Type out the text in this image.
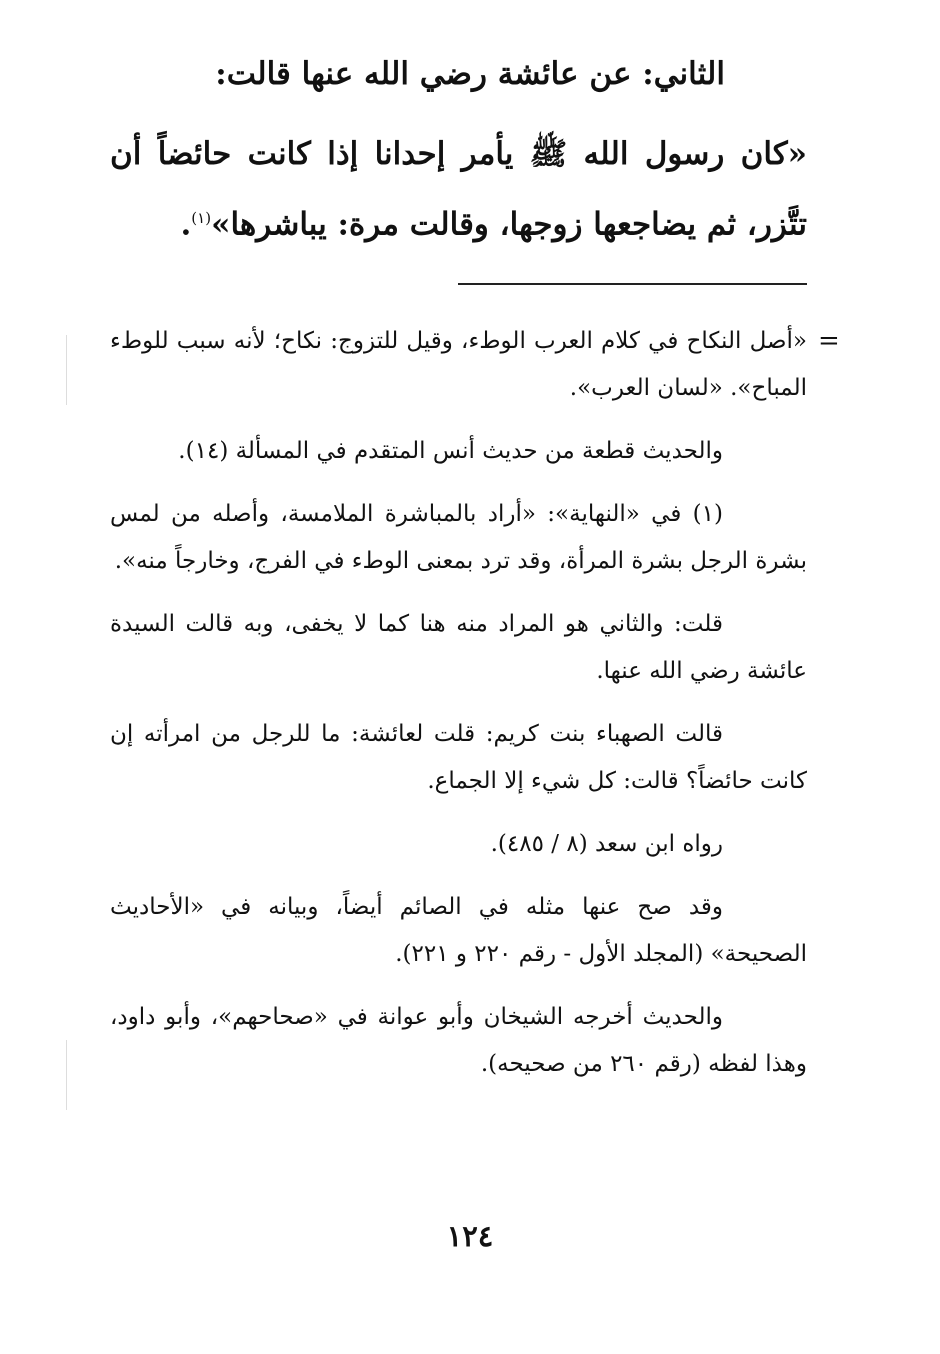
الثاني: عن عائشة رضي الله عنها قالت:
«كان رسول الله ﷺ يأمر إحدانا إذا كانت حائضاً أن تتَّزر، ثم يضاجعها زوجها، وقالت مرة: يباشرها»$^{(١)}$.
=

«أصل النكاح في كلام العرب الوطء، وقيل للتزوج: نكاح؛ لأنه سبب للوطء المباح». «لسان العرب».

والحديث قطعة من حديث أنس المتقدم في المسألة (١٤).

(١) في «النهاية»: «أراد بالمباشرة الملامسة، وأصله من لمس بشرة الرجل بشرة المرأة، وقد ترد بمعنى الوطء في الفرج، وخارجاً منه».

قلت: والثاني هو المراد منه هنا كما لا يخفى، وبه قالت السيدة عائشة رضي الله عنها.

قالت الصهباء بنت كريم: قلت لعائشة: ما للرجل من امرأته إن كانت حائضاً؟ قالت: كل شيء إلا الجماع.

رواه ابن سعد (٨ / ٤٨٥).

وقد صح عنها مثله في الصائم أيضاً، وبيانه في «الأحاديث الصحيحة» (المجلد الأول - رقم ٢٢٠ و ٢٢١).

والحديث أخرجه الشيخان وأبو عوانة في «صحاحهم»، وأبو داود، وهذا لفظه (رقم ٢٦٠ من صحيحه).

١٢٤
